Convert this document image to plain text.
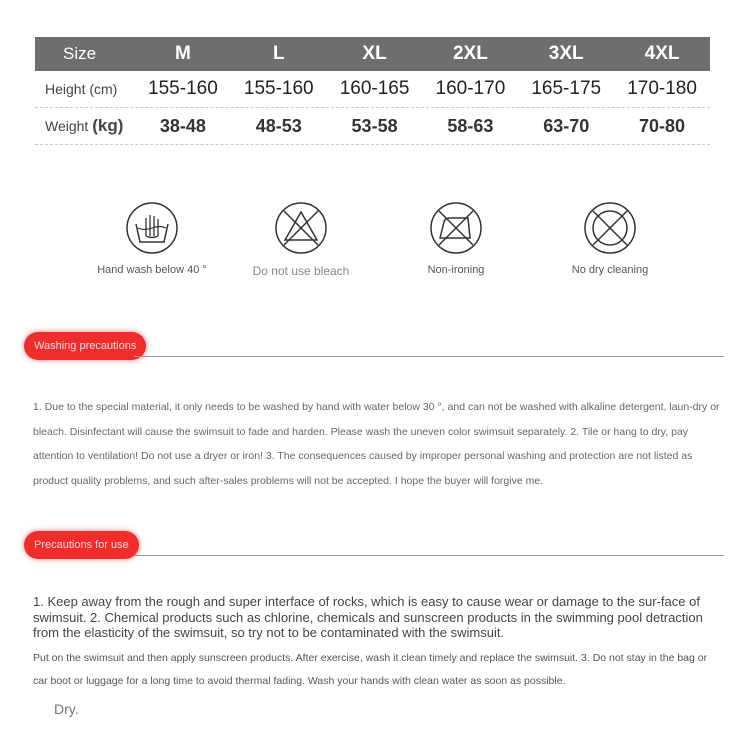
Size	M	L	XL	2XL	3XL	4XL
Height (cm)	155-160	155-160	160-165	160-170	165-175	170-180
Weight (kg)	38-48	48-53	53-58	58-63	63-70	70-80
Hand wash below 40 °	Do not use bleach	Non-ironing	No dry cleaning
Washing precautions
1. Due to the special material, it only needs to be washed by hand with water below 30 °, and can not be washed with alkaline detergent, laun-dry or bleach. Disinfectant will cause the swimsuit to fade and harden. Please wash the uneven color swimsuit separately. 2. Tile or hang to dry, pay attention to ventilation! Do not use a dryer or iron! 3. The consequences caused by improper personal washing and protection are not listed as product quality problems, and such after-sales problems will not be accepted. I hope the buyer will forgive me.
Precautions for use
1. Keep away from the rough and super interface of rocks, which is easy to cause wear or damage to the sur-face of swimsuit. 2. Chemical products such as chlorine, chemicals and sunscreen products in the swimming pool detraction from the elasticity of the swimsuit, so try not to be contaminated with the swimsuit.
Put on the swimsuit and then apply sunscreen products. After exercise, wash it clean timely and replace the swimsuit. 3. Do not stay in the bag or car boot or luggage for a long time to avoid thermal fading. Wash your hands with clean water as soon as possible.
Dry.
